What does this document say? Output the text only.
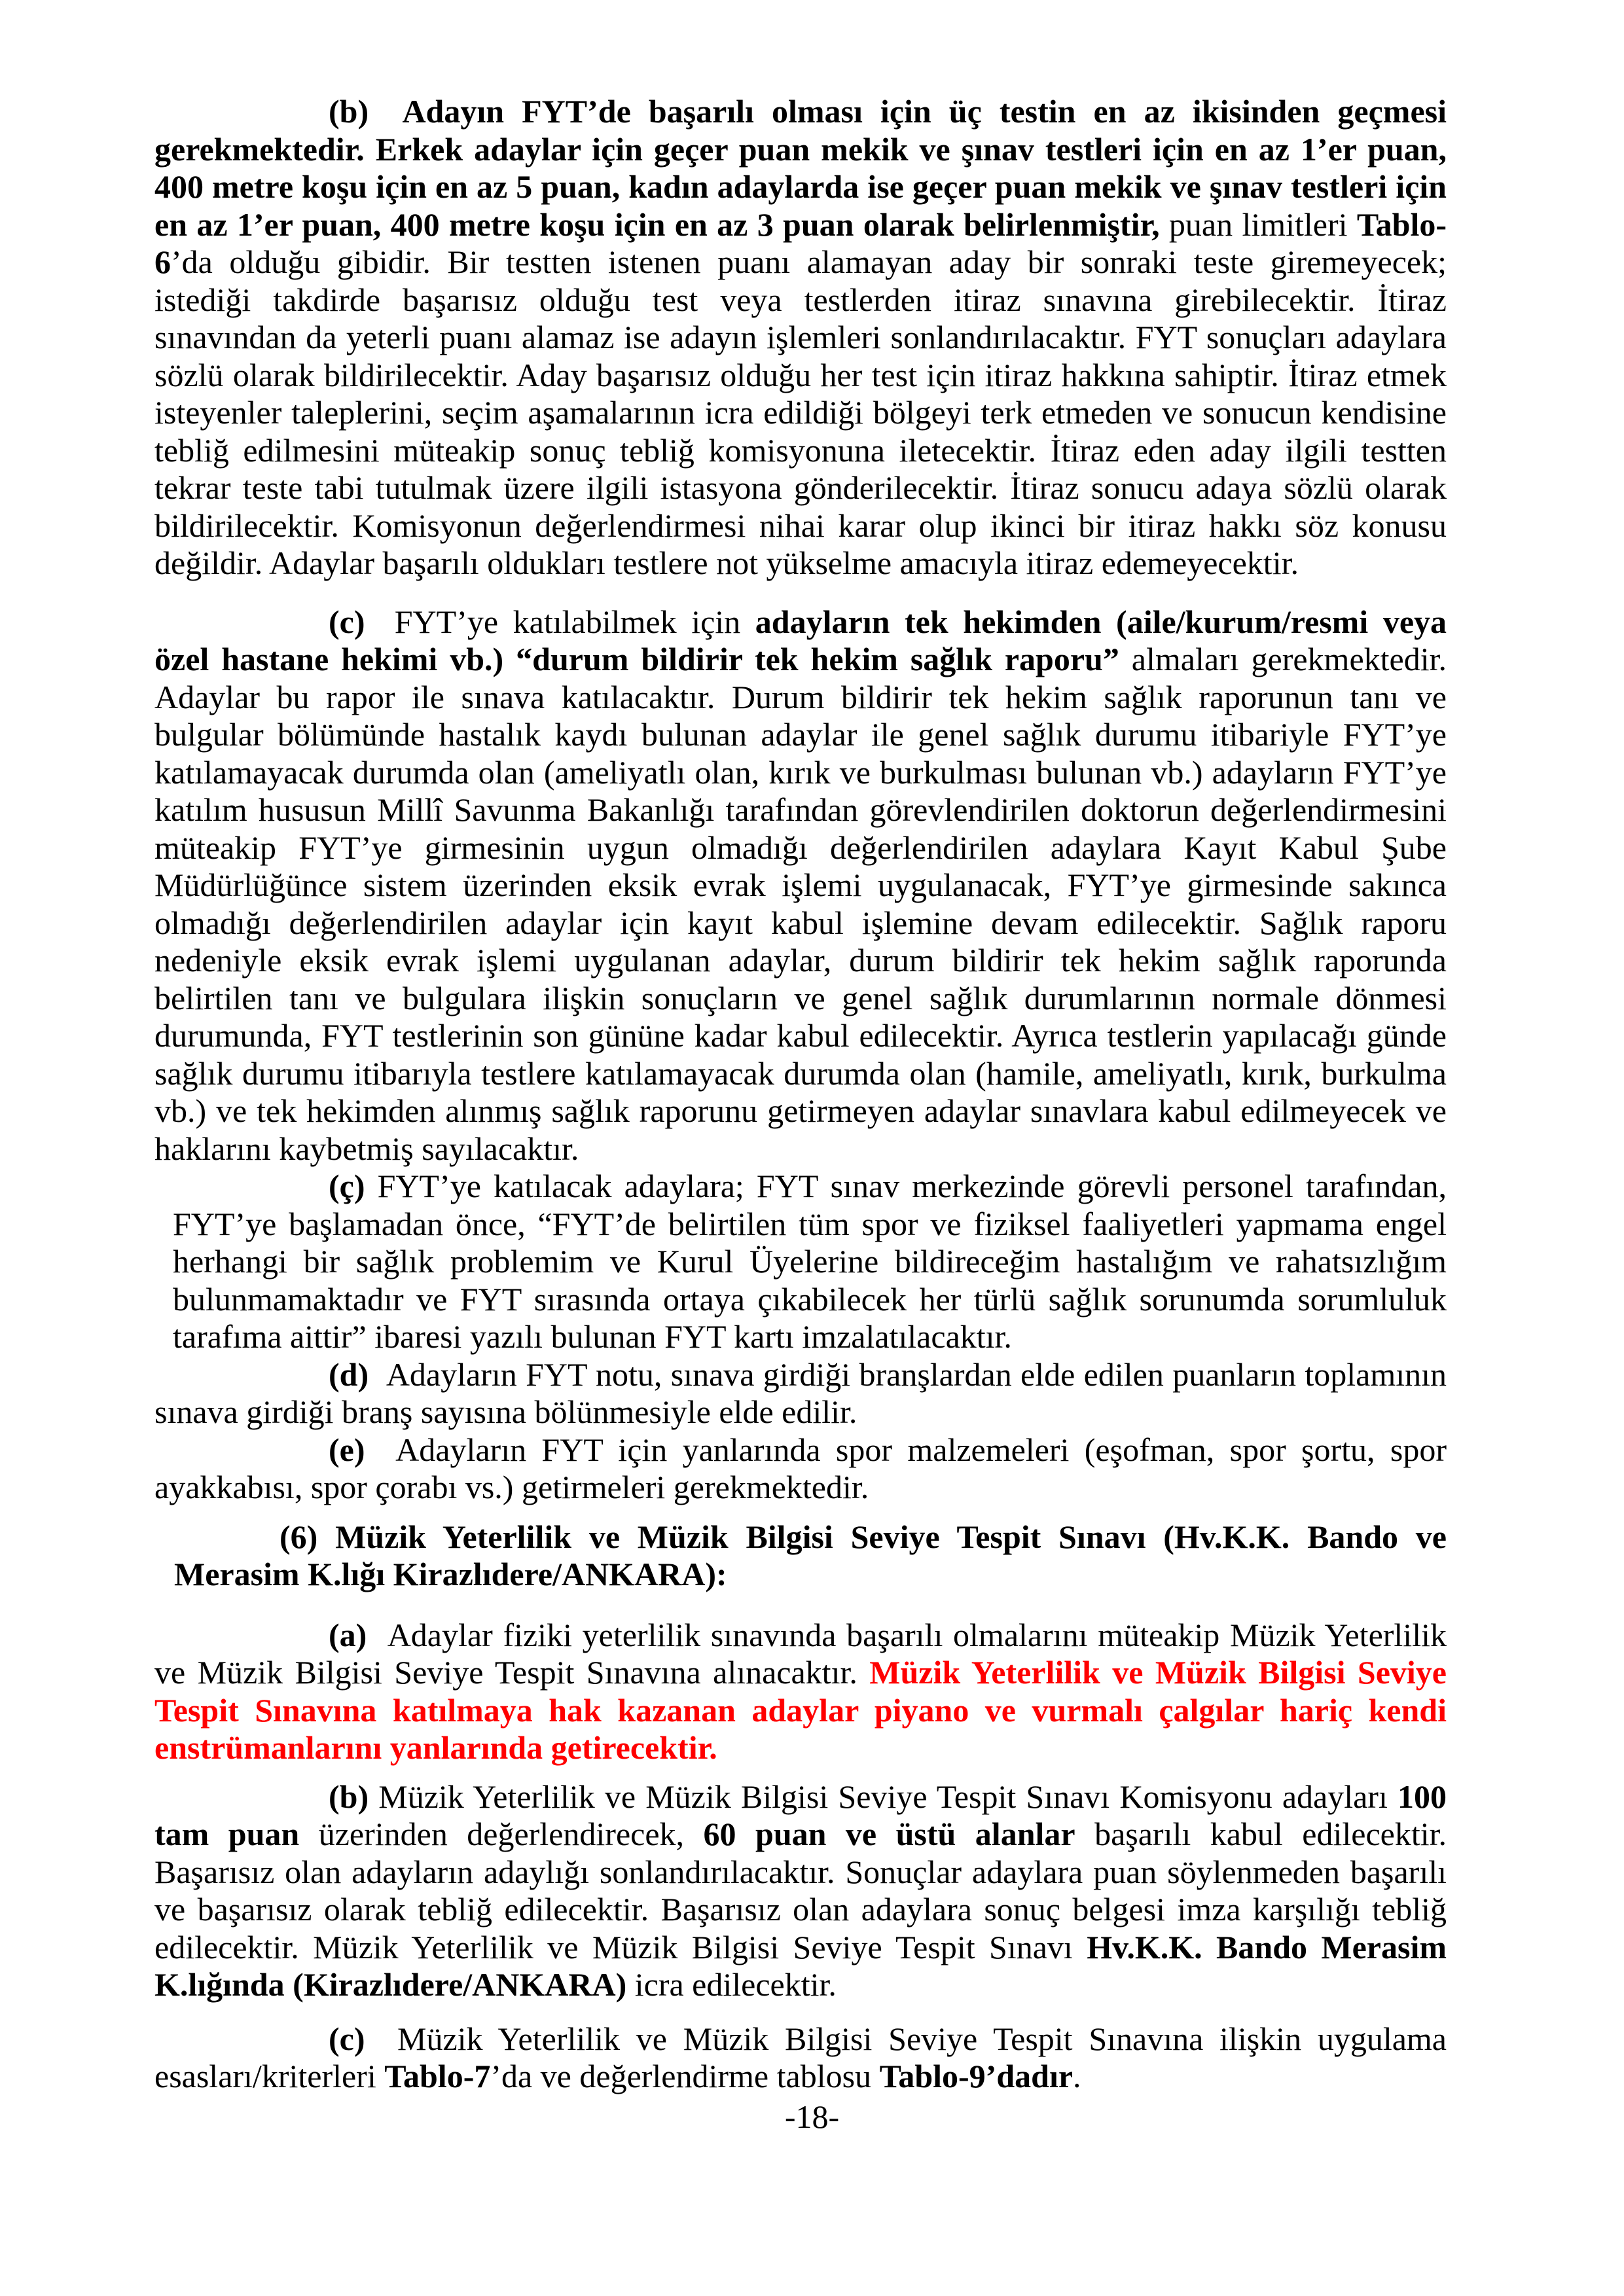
(b)  Adayın FYT’de başarılı olması için üç testin en az ikisinden geçmesi gerekmektedir. Erkek adaylar için geçer puan mekik ve şınav testleri için en az 1’er puan, 400 metre koşu için en az 5 puan, kadın adaylarda ise geçer puan mekik ve şınav testleri için en az 1’er puan, 400 metre koşu için en az 3 puan olarak belirlenmiştir, puan limitleri Tablo-6’da olduğu gibidir. Bir testten istenen puanı alamayan aday bir sonraki teste giremeyecek; istediği takdirde başarısız olduğu test veya testlerden itiraz sınavına girebilecektir. İtiraz sınavından da yeterli puanı alamaz ise adayın işlemleri sonlandırılacaktır. FYT sonuçları adaylara sözlü olarak bildirilecektir. Aday başarısız olduğu her test için itiraz hakkına sahiptir. İtiraz etmek isteyenler taleplerini, seçim aşamalarının icra edildiği bölgeyi terk etmeden ve sonucun kendisine tebliğ edilmesini müteakip sonuç tebliğ komisyonuna iletecektir. İtiraz eden aday ilgili testten tekrar teste tabi tutulmak üzere ilgili istasyona gönderilecektir. İtiraz sonucu adaya sözlü olarak bildirilecektir. Komisyonun değerlendirmesi nihai karar olup ikinci bir itiraz hakkı söz konusu değildir. Adaylar başarılı oldukları testlere not yükselme amacıyla itiraz edemeyecektir.

(c)  FYT’ye katılabilmek için adayların tek hekimden (aile/kurum/resmi veya özel hastane hekimi vb.) “durum bildirir tek hekim sağlık raporu” almaları gerekmektedir. Adaylar bu rapor ile sınava katılacaktır. Durum bildirir tek hekim sağlık raporunun tanı ve bulgular bölümünde hastalık kaydı bulunan adaylar ile genel sağlık durumu itibariyle FYT’ye katılamayacak durumda olan (ameliyatlı olan, kırık ve burkulması bulunan vb.) adayların FYT’ye katılım hususun Millî Savunma Bakanlığı tarafından görevlendirilen doktorun değerlendirmesini müteakip FYT’ye girmesinin uygun olmadığı değerlendirilen adaylara Kayıt Kabul Şube Müdürlüğünce sistem üzerinden eksik evrak işlemi uygulanacak, FYT’ye girmesinde sakınca olmadığı değerlendirilen adaylar için kayıt kabul işlemine devam edilecektir. Sağlık raporu nedeniyle eksik evrak işlemi uygulanan adaylar, durum bildirir tek hekim sağlık raporunda belirtilen tanı ve bulgulara ilişkin sonuçların ve genel sağlık durumlarının normale dönmesi durumunda, FYT testlerinin son gününe kadar kabul edilecektir. Ayrıca testlerin yapılacağı günde sağlık durumu itibarıyla testlere katılamayacak durumda olan (hamile, ameliyatlı, kırık, burkulma vb.) ve tek hekimden alınmış sağlık raporunu getirmeyen adaylar sınavlara kabul edilmeyecek ve haklarını kaybetmiş sayılacaktır.

(ç) FYT’ye katılacak adaylara; FYT sınav merkezinde görevli personel tarafından, FYT’ye başlamadan önce, “FYT’de belirtilen tüm spor ve fiziksel faaliyetleri yapmama engel herhangi bir sağlık problemim ve Kurul Üyelerine bildireceğim hastalığım ve rahatsızlığım bulunmamaktadır ve FYT sırasında ortaya çıkabilecek her türlü sağlık sorunumda sorumluluk tarafıma aittir” ibaresi yazılı bulunan FYT kartı imzalatılacaktır.

(d)  Adayların FYT notu, sınava girdiği branşlardan elde edilen puanların toplamının sınava girdiği branş sayısına bölünmesiyle elde edilir.

(e)  Adayların FYT için yanlarında spor malzemeleri (eşofman, spor şortu, spor ayakkabısı, spor çorabı vs.) getirmeleri gerekmektedir.

(6) Müzik Yeterlilik ve Müzik Bilgisi Seviye Tespit Sınavı (Hv.K.K. Bando ve Merasim K.lığı Kirazlıdere/ANKARA):

(a)  Adaylar fiziki yeterlilik sınavında başarılı olmalarını müteakip Müzik Yeterlilik ve Müzik Bilgisi Seviye Tespit Sınavına alınacaktır. Müzik Yeterlilik ve Müzik Bilgisi Seviye Tespit Sınavına katılmaya hak kazanan adaylar piyano ve vurmalı çalgılar hariç kendi enstrümanlarını yanlarında getirecektir.

(b) Müzik Yeterlilik ve Müzik Bilgisi Seviye Tespit Sınavı Komisyonu adayları 100 tam puan üzerinden değerlendirecek, 60 puan ve üstü alanlar başarılı kabul edilecektir. Başarısız olan adayların adaylığı sonlandırılacaktır. Sonuçlar adaylara puan söylenmeden başarılı ve başarısız olarak tebliğ edilecektir. Başarısız olan adaylara sonuç belgesi imza karşılığı tebliğ edilecektir. Müzik Yeterlilik ve Müzik Bilgisi Seviye Tespit Sınavı Hv.K.K. Bando Merasim K.lığında (Kirazlıdere/ANKARA) icra edilecektir.

(c)  Müzik Yeterlilik ve Müzik Bilgisi Seviye Tespit Sınavına ilişkin uygulama esasları/kriterleri Tablo-7’da ve değerlendirme tablosu Tablo-9’dadır.

-18-
